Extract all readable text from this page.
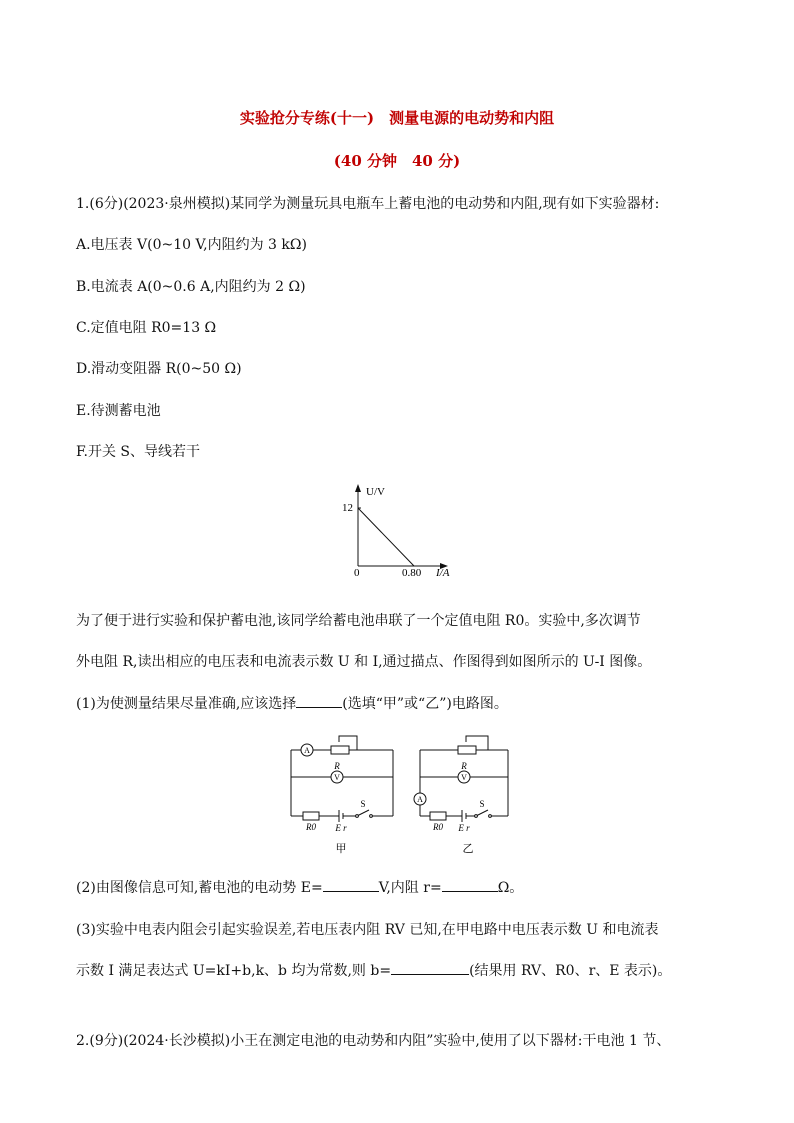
实验抢分专练(十一)　测量电源的电动势和内阻
(40 分钟　40 分)
1.(6分)(2023·泉州模拟)某同学为测量玩具电瓶车上蓄电池的电动势和内阻,现有如下实验器材:
A.电压表 V(0~10 V,内阻约为 3 kΩ)
B.电流表 A(0~0.6 A,内阻约为 2 Ω)
C.定值电阻 R0=13 Ω
D.滑动变阻器 R(0~50 Ω)
E.待测蓄电池
F.开关 S、导线若干
U/V
I/A
0
12
0.80
为了便于进行实验和保护蓄电池,该同学给蓄电池串联了一个定值电阻 R0。实验中,多次调节
外电阻 R,读出相应的电压表和电流表示数 U 和 I,通过描点、作图得到如图所示的 U-I 图像。
(1)为使测量结果尽量准确,应该选择	(选填“甲”或“乙”)电路图。
A
V
R
R0 E r
S
甲
A
V
R
R0 E r
S
乙
(2)由图像信息可知,蓄电池的电动势 E=	V,内阻 r=	Ω。
(3)实验中电表内阻会引起实验误差,若电压表内阻 RV 已知,在甲电路中电压表示数 U 和电流表
示数 I 满足表达式 U=kI+b,k、b 均为常数,则 b=	(结果用 RV、R0、r、E 表示)。
2.(9分)(2024·长沙模拟)小王在测定电池的电动势和内阻”实验中,使用了以下器材:干电池 1 节、
